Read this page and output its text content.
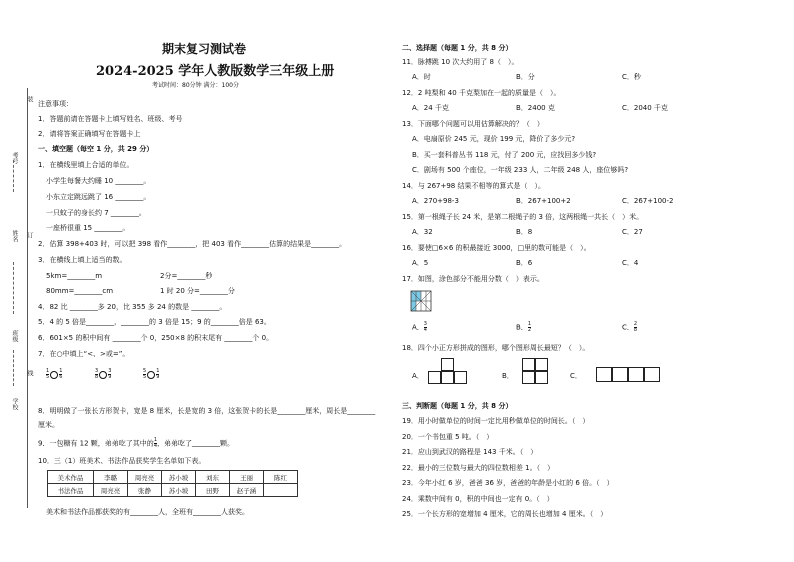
学校
班级
姓名
考号
装
订
线
期末复习测试卷
2024-2025 学年人教版数学三年级上册
考试时间：80分钟 满分：100分
注意事项：
1．答题前请在答题卡上填写姓名、班级、考号
2．请将答案正确填写在答题卡上
一、填空题（每空 1 分，共 29 分）
1．在横线里填上合适的单位。
小学生每餐大约睡 10 ________。
小东立定跳远跳了 16 ________。
一只蚊子的身长约 7 ________。
一座桥很重 15 ________。
2．估算 398+403 时，可以把 398 看作________，把 403 看作________估算的结果是________。
3．在横线上填上适当的数。
5km=________m	2分=________秒
80mm=________cm	1 时 20 分=________分
4．82 比 ________多 20，比 355 多 24 的数是 ________。
5．4 的 5 倍是________，________的 3 倍是 15；9 的________倍是 63。
6．601×5 的积中间有 ________个 0，250×8 的积末尾有 ________个 0。
7．在○中填上“<、>或=”。
$\frac{1}{5} \frac{1}{6}$	$\frac{3}{8} \frac{3}{9}$	$\frac{5}{5} \frac{1}{9}$
8．明明做了一张长方形贺卡，宽是 8 厘米，长是宽的 3 倍，这张贺卡的长是________厘米，周长是________厘米。
9．一包糖有 12 颗，弟弟吃了其中的 $\frac{1}{4}$ ，弟弟吃了________颗。
10．三（1）班美术、书法作品获奖学生名单如下表。
美术作品	李璐	周亮亮	苏小坡	刘东	王丽	陈红
书法作品	周亮亮	张静	苏小坡	田野	赵子涵	
美术和书法作品都获奖的有________人，全班有________人获奖。
二、选择题（每题 1 分，共 8 分）
11．脉搏跳 10 次大约用了 8（　）。
A．时	B．分	C．秒
12．2 吨梨和 40 千克梨加在一起的质量是（　）。
A．24 千克	B．2400 克	C．2040 千克
13．下面哪个问题可以用估算解决的？（　）
A．电扇原价 245 元，现价 199 元，降价了多少元?
B．买一套科普丛书 118 元，付了 200 元，应找回多少钱?
C．剧场有 500 个座位，一年级 233 人，二年级 248 人，座位够吗?
14．与 267+98 结果不相等的算式是（　）。
A．270+98-3	B．267+100+2	C．267+100-2
15．第一根绳子长 24 米，是第二根绳子的 3 倍，这两根绳一共长（　）米。
A．32	B．8	C．27
16．要使□6×6 的积最接近 3000，□里的数可能是（　）。
A．5	B．6	C．4
17．如图，涂色部分不能用分数（　）表示。
A． $\frac{3}{4}$	B． $\frac{1}{2}$	C． $\frac{2}{8}$
18．四个小正方形拼成的图形，哪个图形周长最短？（　）。
A．	B．	C．
三、判断题（每题 1 分，共 8 分）
19．用小时做单位的时间一定比用秒做单位的时间长。（　）
20．一个书包重 5 吨。（　）
21．应山到武汉的路程是 143 千米。（　）
22．最小的三位数与最大的四位数相差 1。（　）
23．今年小红 6 岁，爸爸 36 岁，爸爸的年龄是小红的 6 倍。（　）
24．乘数中间有 0，积的中间也一定有 0。（　）
25．一个长方形的宽增加 4 厘米，它的周长也增加 4 厘米。（　）
